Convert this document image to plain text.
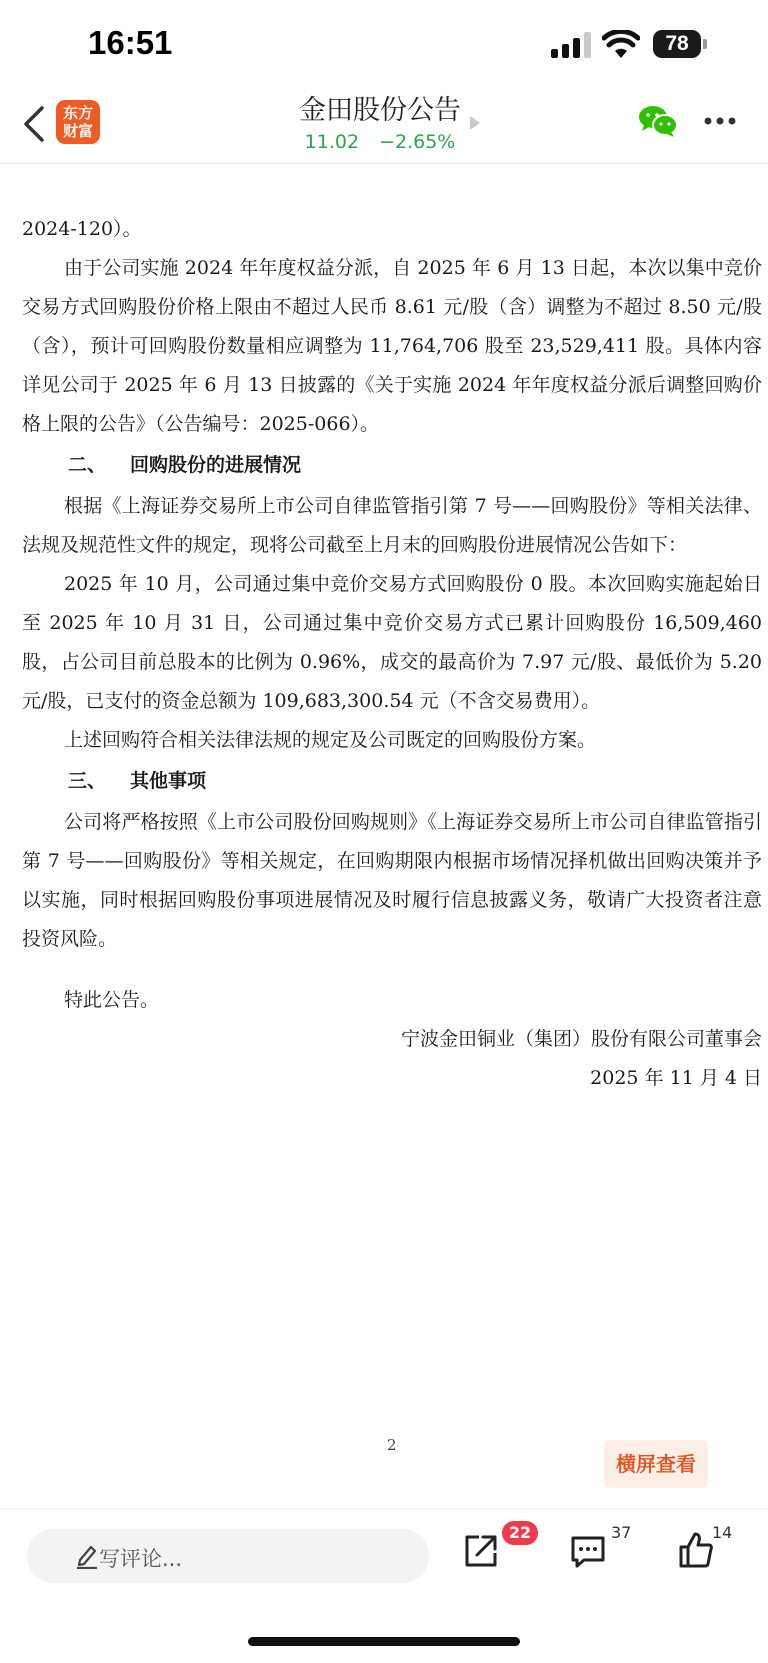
16:51	78
东方
财富
金田股份公告
11.02 −2.65%

2024-120）。

由于公司实施 2024 年年度权益分派，自 2025 年 6 月 13 日起，本次以集中竞价交易方式回购股份价格上限由不超过人民币 8.61 元/股（含）调整为不超过 8.50 元/股（含），预计可回购股份数量相应调整为 11,764,706 股至 23,529,411 股。具体内容详见公司于 2025 年 6 月 13 日披露的《关于实施 2024 年年度权益分派后调整回购价格上限的公告》（公告编号：2025-066）。

二、 回购股份的进展情况

根据《上海证券交易所上市公司自律监管指引第 7 号——回购股份》等相关法律、法规及规范性文件的规定，现将公司截至上月末的回购股份进展情况公告如下：

2025 年 10 月，公司通过集中竞价交易方式回购股份 0 股。本次回购实施起始日至 2025 年 10 月 31 日，公司通过集中竞价交易方式已累计回购股份 16,509,460 股，占公司目前总股本的比例为 0.96%，成交的最高价为 7.97 元/股、最低价为 5.20 元/股，已支付的资金总额为 109,683,300.54 元（不含交易费用）。

上述回购符合相关法律法规的规定及公司既定的回购股份方案。

三、 其他事项

公司将严格按照《上市公司股份回购规则》《上海证券交易所上市公司自律监管指引第 7 号——回购股份》等相关规定，在回购期限内根据市场情况择机做出回购决策并予以实施，同时根据回购股份事项进展情况及时履行信息披露义务，敬请广大投资者注意投资风险。

特此公告。

宁波金田铜业（集团）股份有限公司董事会

2025 年 11 月 4 日

2
横屏查看
写评论...
22	37	14
